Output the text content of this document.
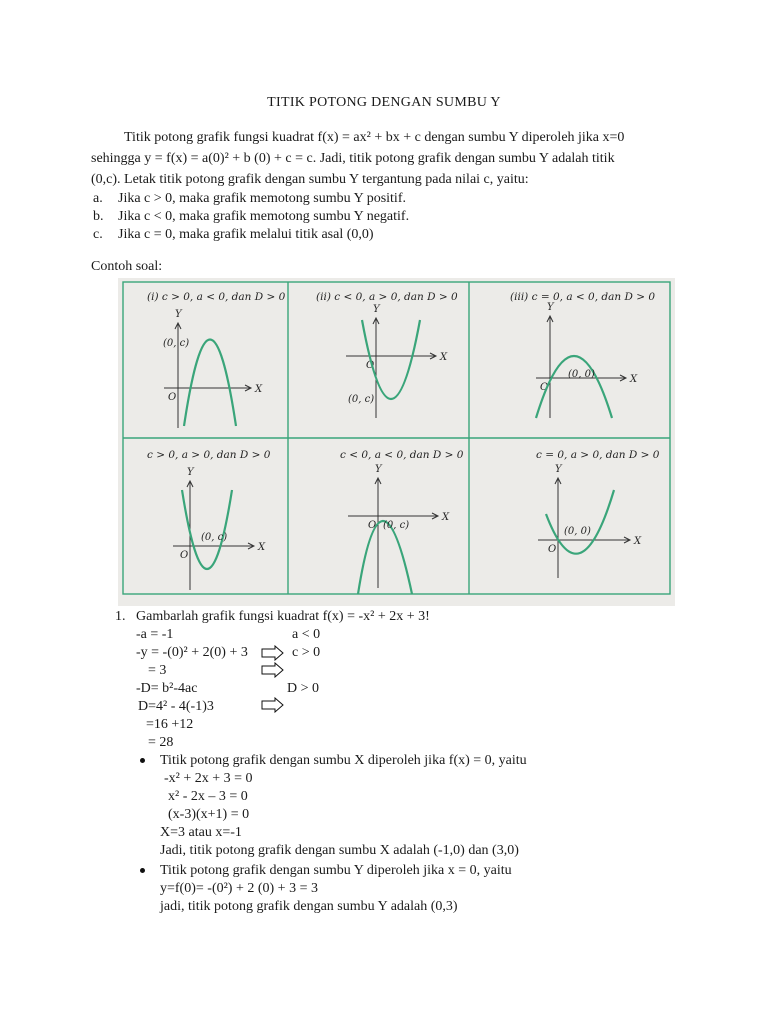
TITIK POTONG DENGAN SUMBU Y
Titik potong grafik fungsi kuadrat f(x) = ax² + bx + c dengan sumbu Y diperoleh jika x=0
sehingga y = f(x) = a(0)² + b (0) + c = c. Jadi, titik potong grafik dengan sumbu Y adalah titik
(0,c). Letak titik potong grafik dengan sumbu Y tergantung pada nilai c, yaitu:
a.	Jika c > 0, maka grafik memotong sumbu Y positif.
b.	Jika c < 0, maka grafik memotong sumbu Y negatif.
c.	Jika c = 0, maka grafik melalui titik asal (0,0)
Contoh soal:
(i) c > 0, a < 0, dan D > 0
Y
X
O
(0, c)
(ii) c < 0, a > 0, dan D > 0
Y
X
O
(0, c)
(iii) c = 0, a < 0, dan D > 0
Y
X
O
(0, 0)
c > 0, a > 0, dan D > 0
Y
X
O
(0, c)
c < 0, a < 0, dan D > 0
Y
X
O (0, c)
c = 0, a > 0, dan D > 0
Y
X
O
(0, 0)
1. Gambarlah grafik fungsi kuadrat f(x) = -x² + 2x + 3!
-a = -1	a < 0
-y = -(0)² + 2(0) + 3	c > 0
= 3
-D= b²-4ac	D > 0
D=4² - 4(-1)3
=16 +12
= 28
Titik potong grafik dengan sumbu X diperoleh jika f(x) = 0, yaitu
-x² + 2x + 3 = 0
x² - 2x – 3 = 0
(x-3)(x+1) = 0
X=3 atau x=-1
Jadi, titik potong grafik dengan sumbu X adalah (-1,0) dan (3,0)
Titik potong grafik dengan sumbu Y diperoleh jika x = 0, yaitu
y=f(0)= -(0²) + 2 (0) + 3 = 3
jadi, titik potong grafik dengan sumbu Y adalah (0,3)
